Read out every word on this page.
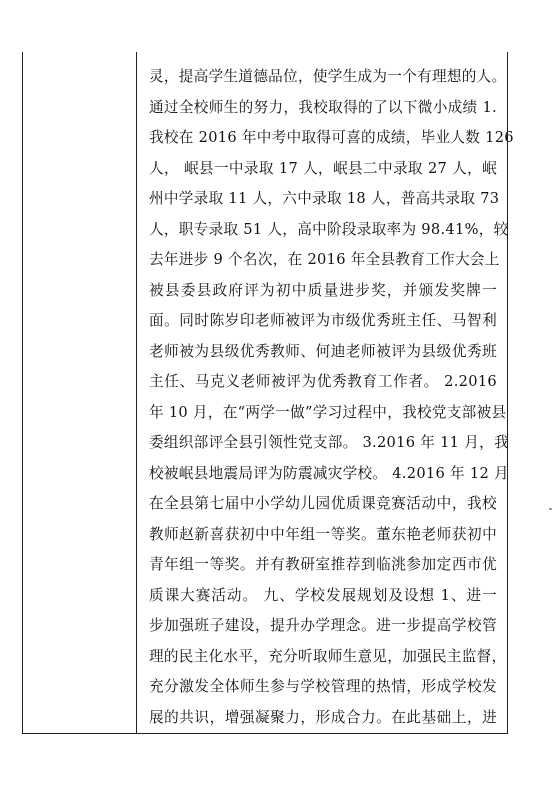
灵，提高学生道德品位，使学生成为一个有理想的人。
通过全校师生的努力，我校取得的了以下微小成绩 1.
我校在 2016 年中考中取得可喜的成绩，毕业人数 126
人， 岷县一中录取 17 人，岷县二中录取 27 人，岷
州中学录取 11 人，六中录取 18 人，普高共录取 73
人，职专录取 51 人，高中阶段录取率为 98.41%，较
去年进步 9 个名次，在 2016 年全县教育工作大会上
被县委县政府评为初中质量进步奖，并颁发奖牌一
面。同时陈岁印老师被评为市级优秀班主任、马智利
老师被为县级优秀教师、何迪老师被评为县级优秀班
主任、马克义老师被评为优秀教育工作者。 2.2016
年 10 月，在“两学一做”学习过程中，我校党支部被县
委组织部评全县引领性党支部。 3.2016 年 11 月，我
校被岷县地震局评为防震减灾学校。 4.2016 年 12 月
在全县第七届中小学幼儿园优质课竞赛活动中，我校
教师赵新喜获初中中年组一等奖。董东艳老师获初中
青年组一等奖。并有教研室推荐到临洮参加定西市优
质课大赛活动。 九、学校发展规划及设想 1、进一
步加强班子建设，提升办学理念。进一步提高学校管
理的民主化水平，充分听取师生意见，加强民主监督，
充分激发全体师生参与学校管理的热情，形成学校发
展的共识，增强凝聚力，形成合力。在此基础上，进
